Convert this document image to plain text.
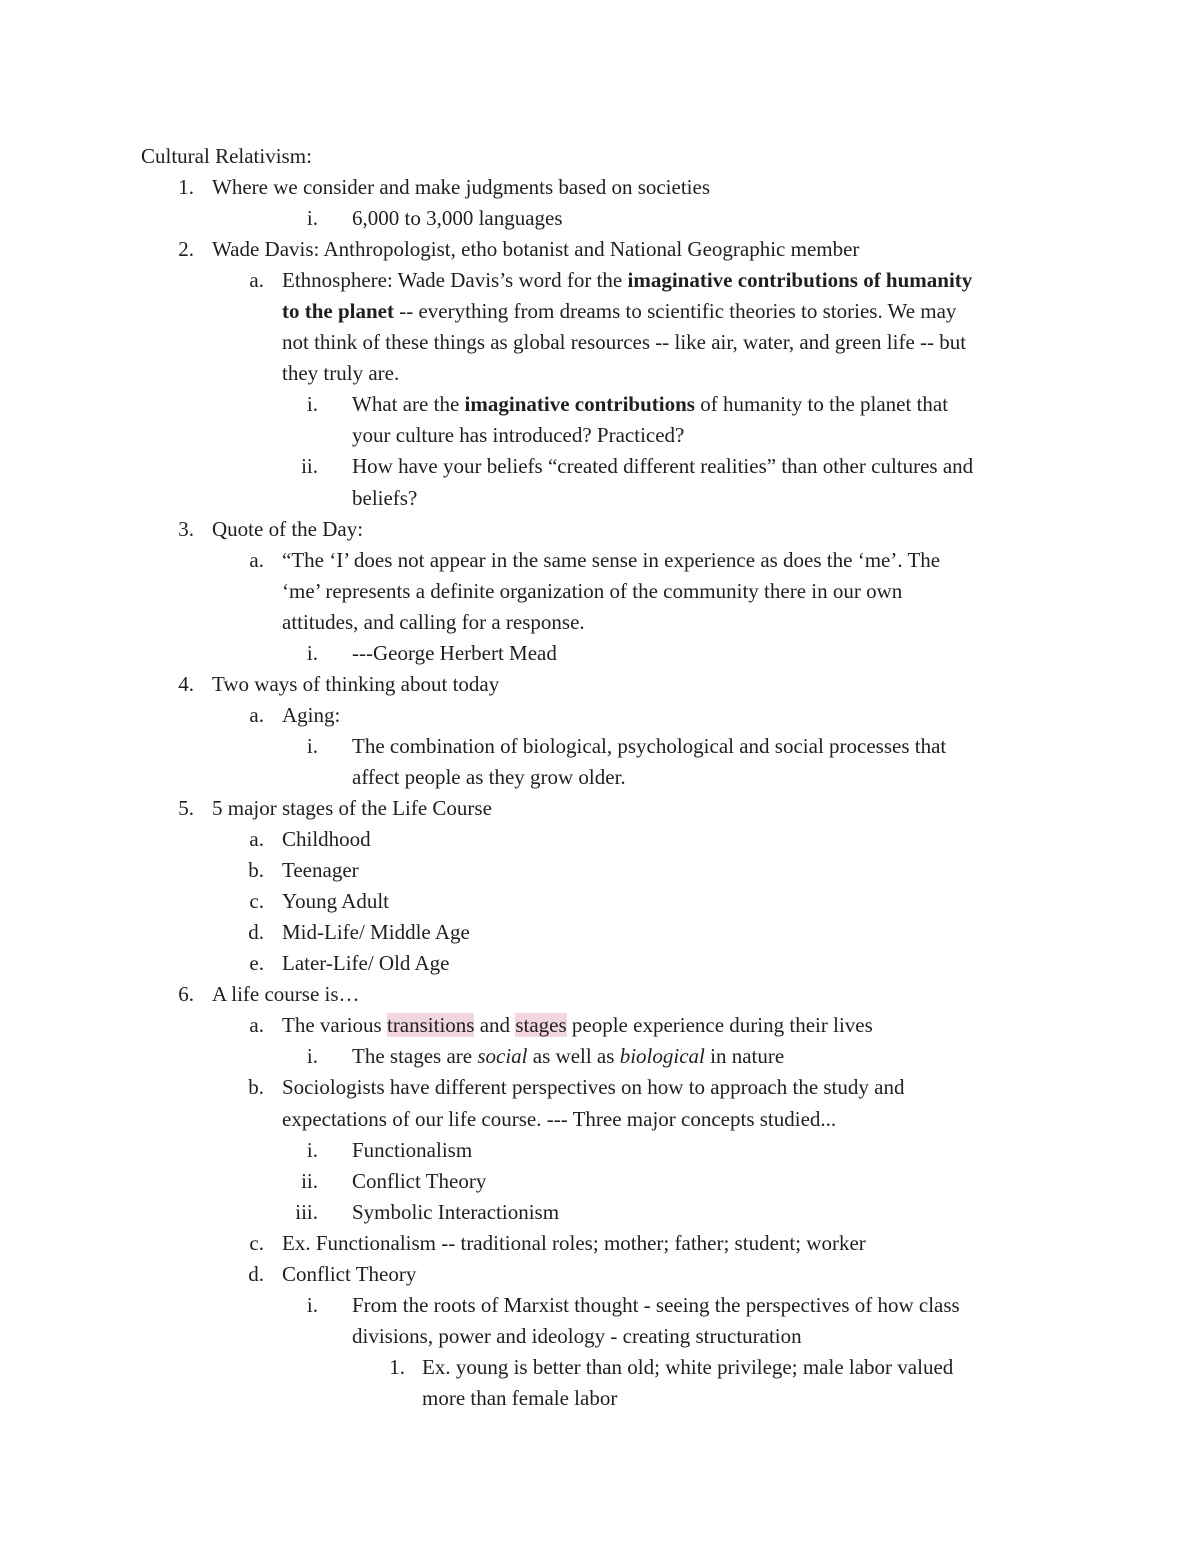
Cultural Relativism:
1. Where we consider and make judgments based on societies
i. 6,000 to 3,000 languages
2. Wade Davis: Anthropologist, etho botanist and National Geographic member
a. Ethnosphere: Wade Davis’s word for the imaginative contributions of humanity
to the planet -- everything from dreams to scientific theories to stories. We may
not think of these things as global resources -- like air, water, and green life -- but
they truly are.
i. What are the imaginative contributions of humanity to the planet that
your culture has introduced? Practiced?
ii. How have your beliefs “created different realities” than other cultures and
beliefs?
3. Quote of the Day:
a. “The ‘I’ does not appear in the same sense in experience as does the ‘me’. The
‘me’ represents a definite organization of the community there in our own
attitudes, and calling for a response.
i. ---George Herbert Mead
4. Two ways of thinking about today
a. Aging:
i. The combination of biological, psychological and social processes that
affect people as they grow older.
5. 5 major stages of the Life Course
a. Childhood
b. Teenager
c. Young Adult
d. Mid-Life/ Middle Age
e. Later-Life/ Old Age
6. A life course is…
a. The various transitions and stages people experience during their lives
i. The stages are social as well as biological in nature
b. Sociologists have different perspectives on how to approach the study and
expectations of our life course. --- Three major concepts studied...
i. Functionalism
ii. Conflict Theory
iii. Symbolic Interactionism
c. Ex. Functionalism -- traditional roles; mother; father; student; worker
d. Conflict Theory
i. From the roots of Marxist thought - seeing the perspectives of how class
divisions, power and ideology - creating structuration
1. Ex. young is better than old; white privilege; male labor valued
more than female labor
